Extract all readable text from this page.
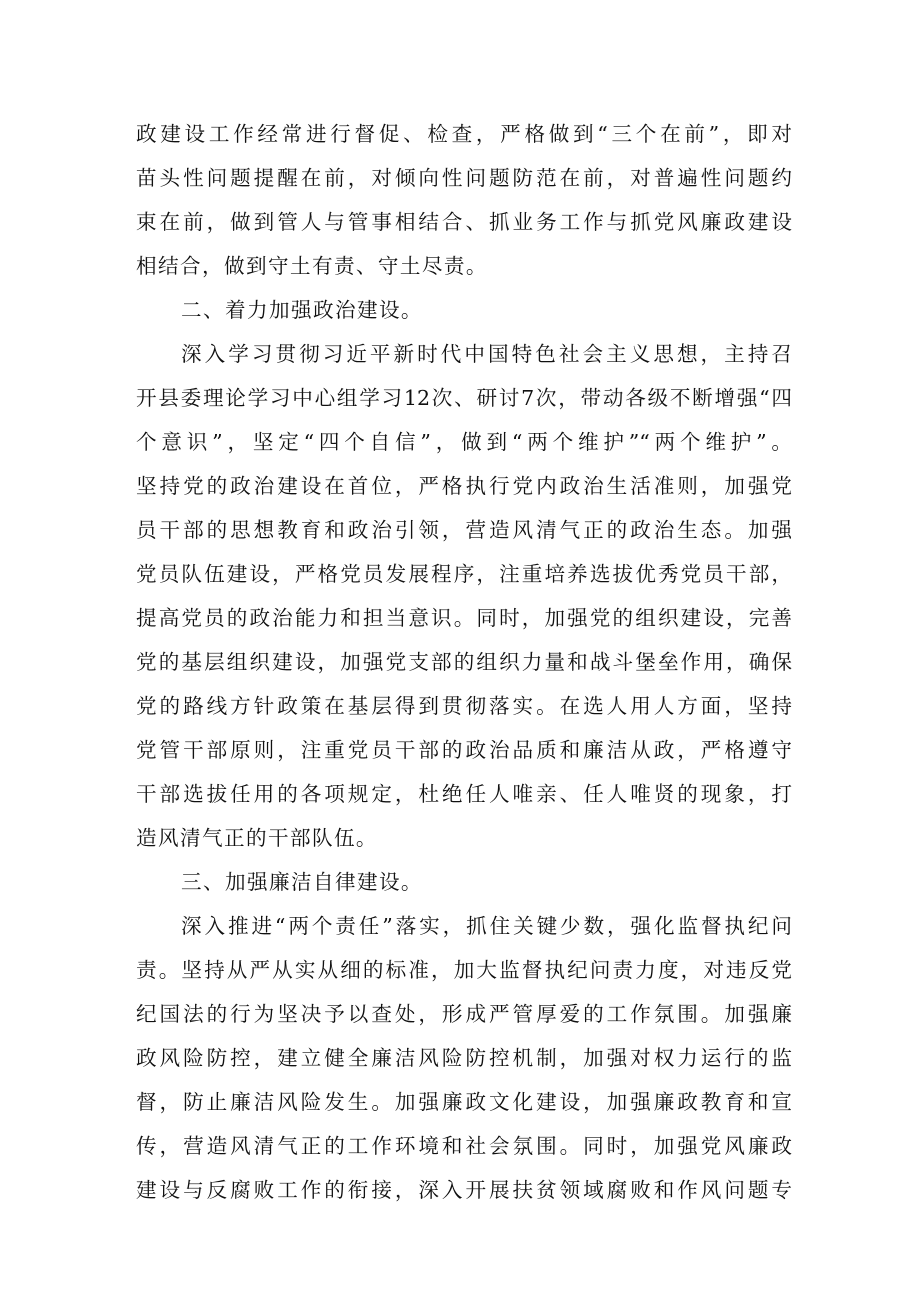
政建设工作经常进行督促、检查，严格做到“三个在前”，即对
苗头性问题提醒在前，对倾向性问题防范在前，对普遍性问题约
束在前，做到管人与管事相结合、抓业务工作与抓党风廉政建设
相结合，做到守土有责、守土尽责。
二、着力加强政治建设。
深入学习贯彻习近平新时代中国特色社会主义思想，主持召
开县委理论学习中心组学习12次、研讨7次，带动各级不断增强“四
个意识”，坚定“四个自信”，做到“两个维护”“两个维护”。
坚持党的政治建设在首位，严格执行党内政治生活准则，加强党
员干部的思想教育和政治引领，营造风清气正的政治生态。加强
党员队伍建设，严格党员发展程序，注重培养选拔优秀党员干部，
提高党员的政治能力和担当意识。同时，加强党的组织建设，完善
党的基层组织建设，加强党支部的组织力量和战斗堡垒作用，确保
党的路线方针政策在基层得到贯彻落实。在选人用人方面，坚持
党管干部原则，注重党员干部的政治品质和廉洁从政，严格遵守
干部选拔任用的各项规定，杜绝任人唯亲、任人唯贤的现象，打
造风清气正的干部队伍。
三、加强廉洁自律建设。
深入推进“两个责任”落实，抓住关键少数，强化监督执纪问
责。坚持从严从实从细的标准，加大监督执纪问责力度，对违反党
纪国法的行为坚决予以查处，形成严管厚爱的工作氛围。加强廉
政风险防控，建立健全廉洁风险防控机制，加强对权力运行的监
督，防止廉洁风险发生。加强廉政文化建设，加强廉政教育和宣
传，营造风清气正的工作环境和社会氛围。同时，加强党风廉政
建设与反腐败工作的衔接，深入开展扶贫领域腐败和作风问题专
